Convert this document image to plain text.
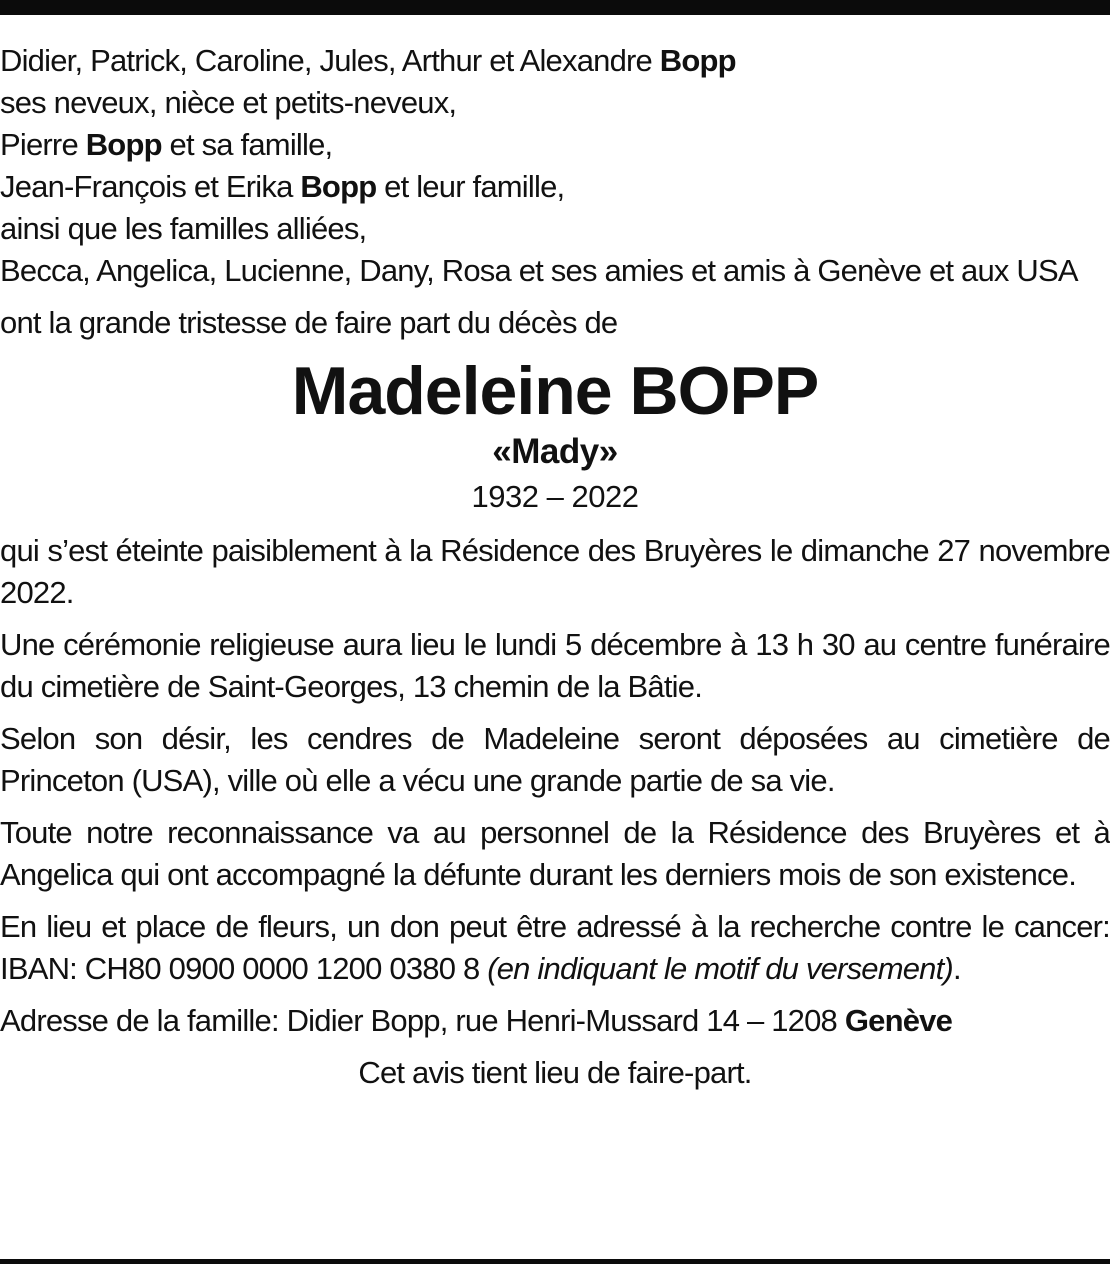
Didier, Patrick, Caroline, Jules, Arthur et Alexandre Bopp
ses neveux, nièce et petits-neveux,
Pierre Bopp et sa famille,
Jean-François et Erika Bopp et leur famille,
ainsi que les familles alliées,
Becca, Angelica, Lucienne, Dany, Rosa et ses amies et amis à Genève et aux USA
ont la grande tristesse de faire part du décès de
Madeleine BOPP
«Mady»
1932 – 2022
qui s’est éteinte paisiblement à la Résidence des Bruyères le dimanche 27 novembre 2022.
Une cérémonie religieuse aura lieu le lundi 5 décembre à 13 h 30 au centre funéraire du cimetière de Saint-Georges, 13 chemin de la Bâtie.
Selon son désir, les cendres de Madeleine seront déposées au cimetière de Princeton (USA), ville où elle a vécu une grande partie de sa vie.
Toute notre reconnaissance va au personnel de la Résidence des Bruyères et à Angelica qui ont accompagné la défunte durant les derniers mois de son existence.
En lieu et place de fleurs, un don peut être adressé à la recherche contre le cancer: IBAN: CH80 0900 0000 1200 0380 8 (en indiquant le motif du versement).
Adresse de la famille: Didier Bopp, rue Henri-Mussard 14 – 1208 Genève
Cet avis tient lieu de faire-part.
